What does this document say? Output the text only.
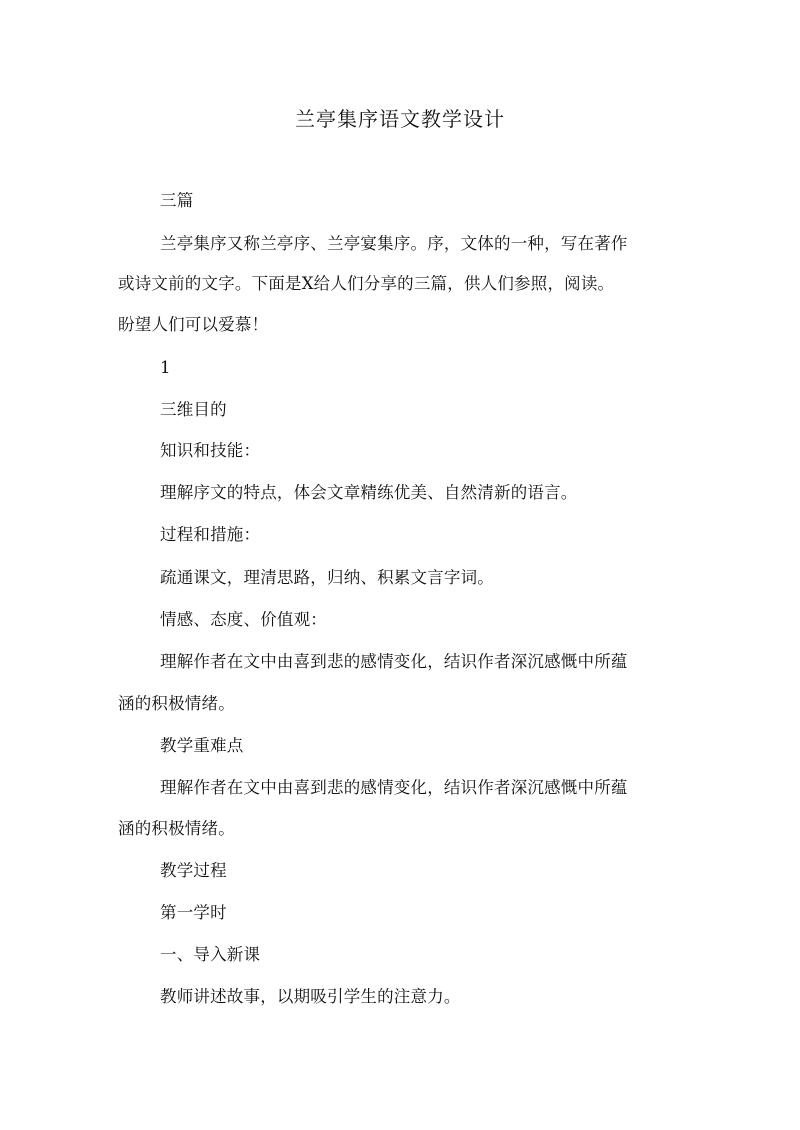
兰亭集序语文教学设计
三篇
兰亭集序又称兰亭序、兰亭宴集序。序，文体的一种，写在著作
或诗文前的文字。下面是X给人们分享的三篇，供人们参照，阅读。
盼望人们可以爱慕！
1
三维目的
知识和技能：
理解序文的特点，体会文章精练优美、自然清新的语言。
过程和措施：
疏通课文，理清思路，归纳、积累文言字词。
情感、态度、价值观：
理解作者在文中由喜到悲的感情变化，结识作者深沉感慨中所蕴
涵的积极情绪。
教学重难点
理解作者在文中由喜到悲的感情变化，结识作者深沉感慨中所蕴
涵的积极情绪。
教学过程
第一学时
一、导入新课
教师讲述故事，以期吸引学生的注意力。
